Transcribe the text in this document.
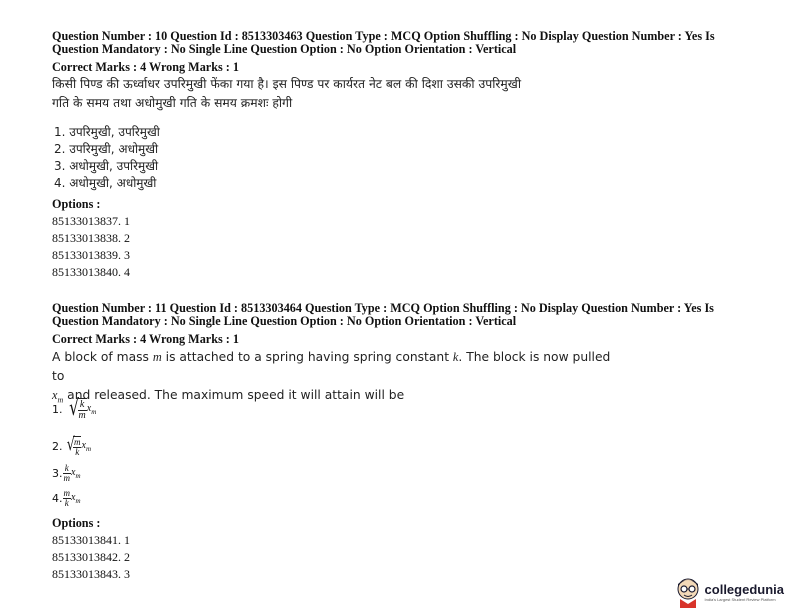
Question Number : 10 Question Id : 8513303463 Question Type : MCQ Option Shuffling : No Display Question Number : Yes Is Question Mandatory : No Single Line Question Option : No Option Orientation : Vertical
Correct Marks : 4 Wrong Marks : 1
किसी पिण्ड की ऊर्ध्वाधर उपरिमुखी फेंका गया है। इस पिण्ड पर कार्यरत नेट बल की दिशा उसकी उपरिमुखी
गति के समय तथा अधोमुखी गति के समय क्रमशः होगी
1. उपरिमुखी, उपरिमुखी
2. उपरिमुखी, अधोमुखी
3. अधोमुखी, उपरिमुखी
4. अधोमुखी, अधोमुखी
Options :
85133013837. 1
85133013838. 2
85133013839. 3
85133013840. 4
Question Number : 11 Question Id : 8513303464 Question Type : MCQ Option Shuffling : No Display Question Number : Yes Is Question Mandatory : No Single Line Question Option : No Option Orientation : Vertical
Correct Marks : 4 Wrong Marks : 1
A block of mass m is attached to a spring having spring constant k. The block is now pulled to
$x_m$ and released. The maximum speed it will attain will be
1. √ $\frac{k}{m} x_m$
2. √
$\frac{m}{k} x_m$
3. $\frac{k}{m} x_m$
4. $\frac{m}{k} x_m$
Options :
85133013841. 1
85133013842. 2
85133013843. 3
collegedunia
India's Largest Student Review Platform
